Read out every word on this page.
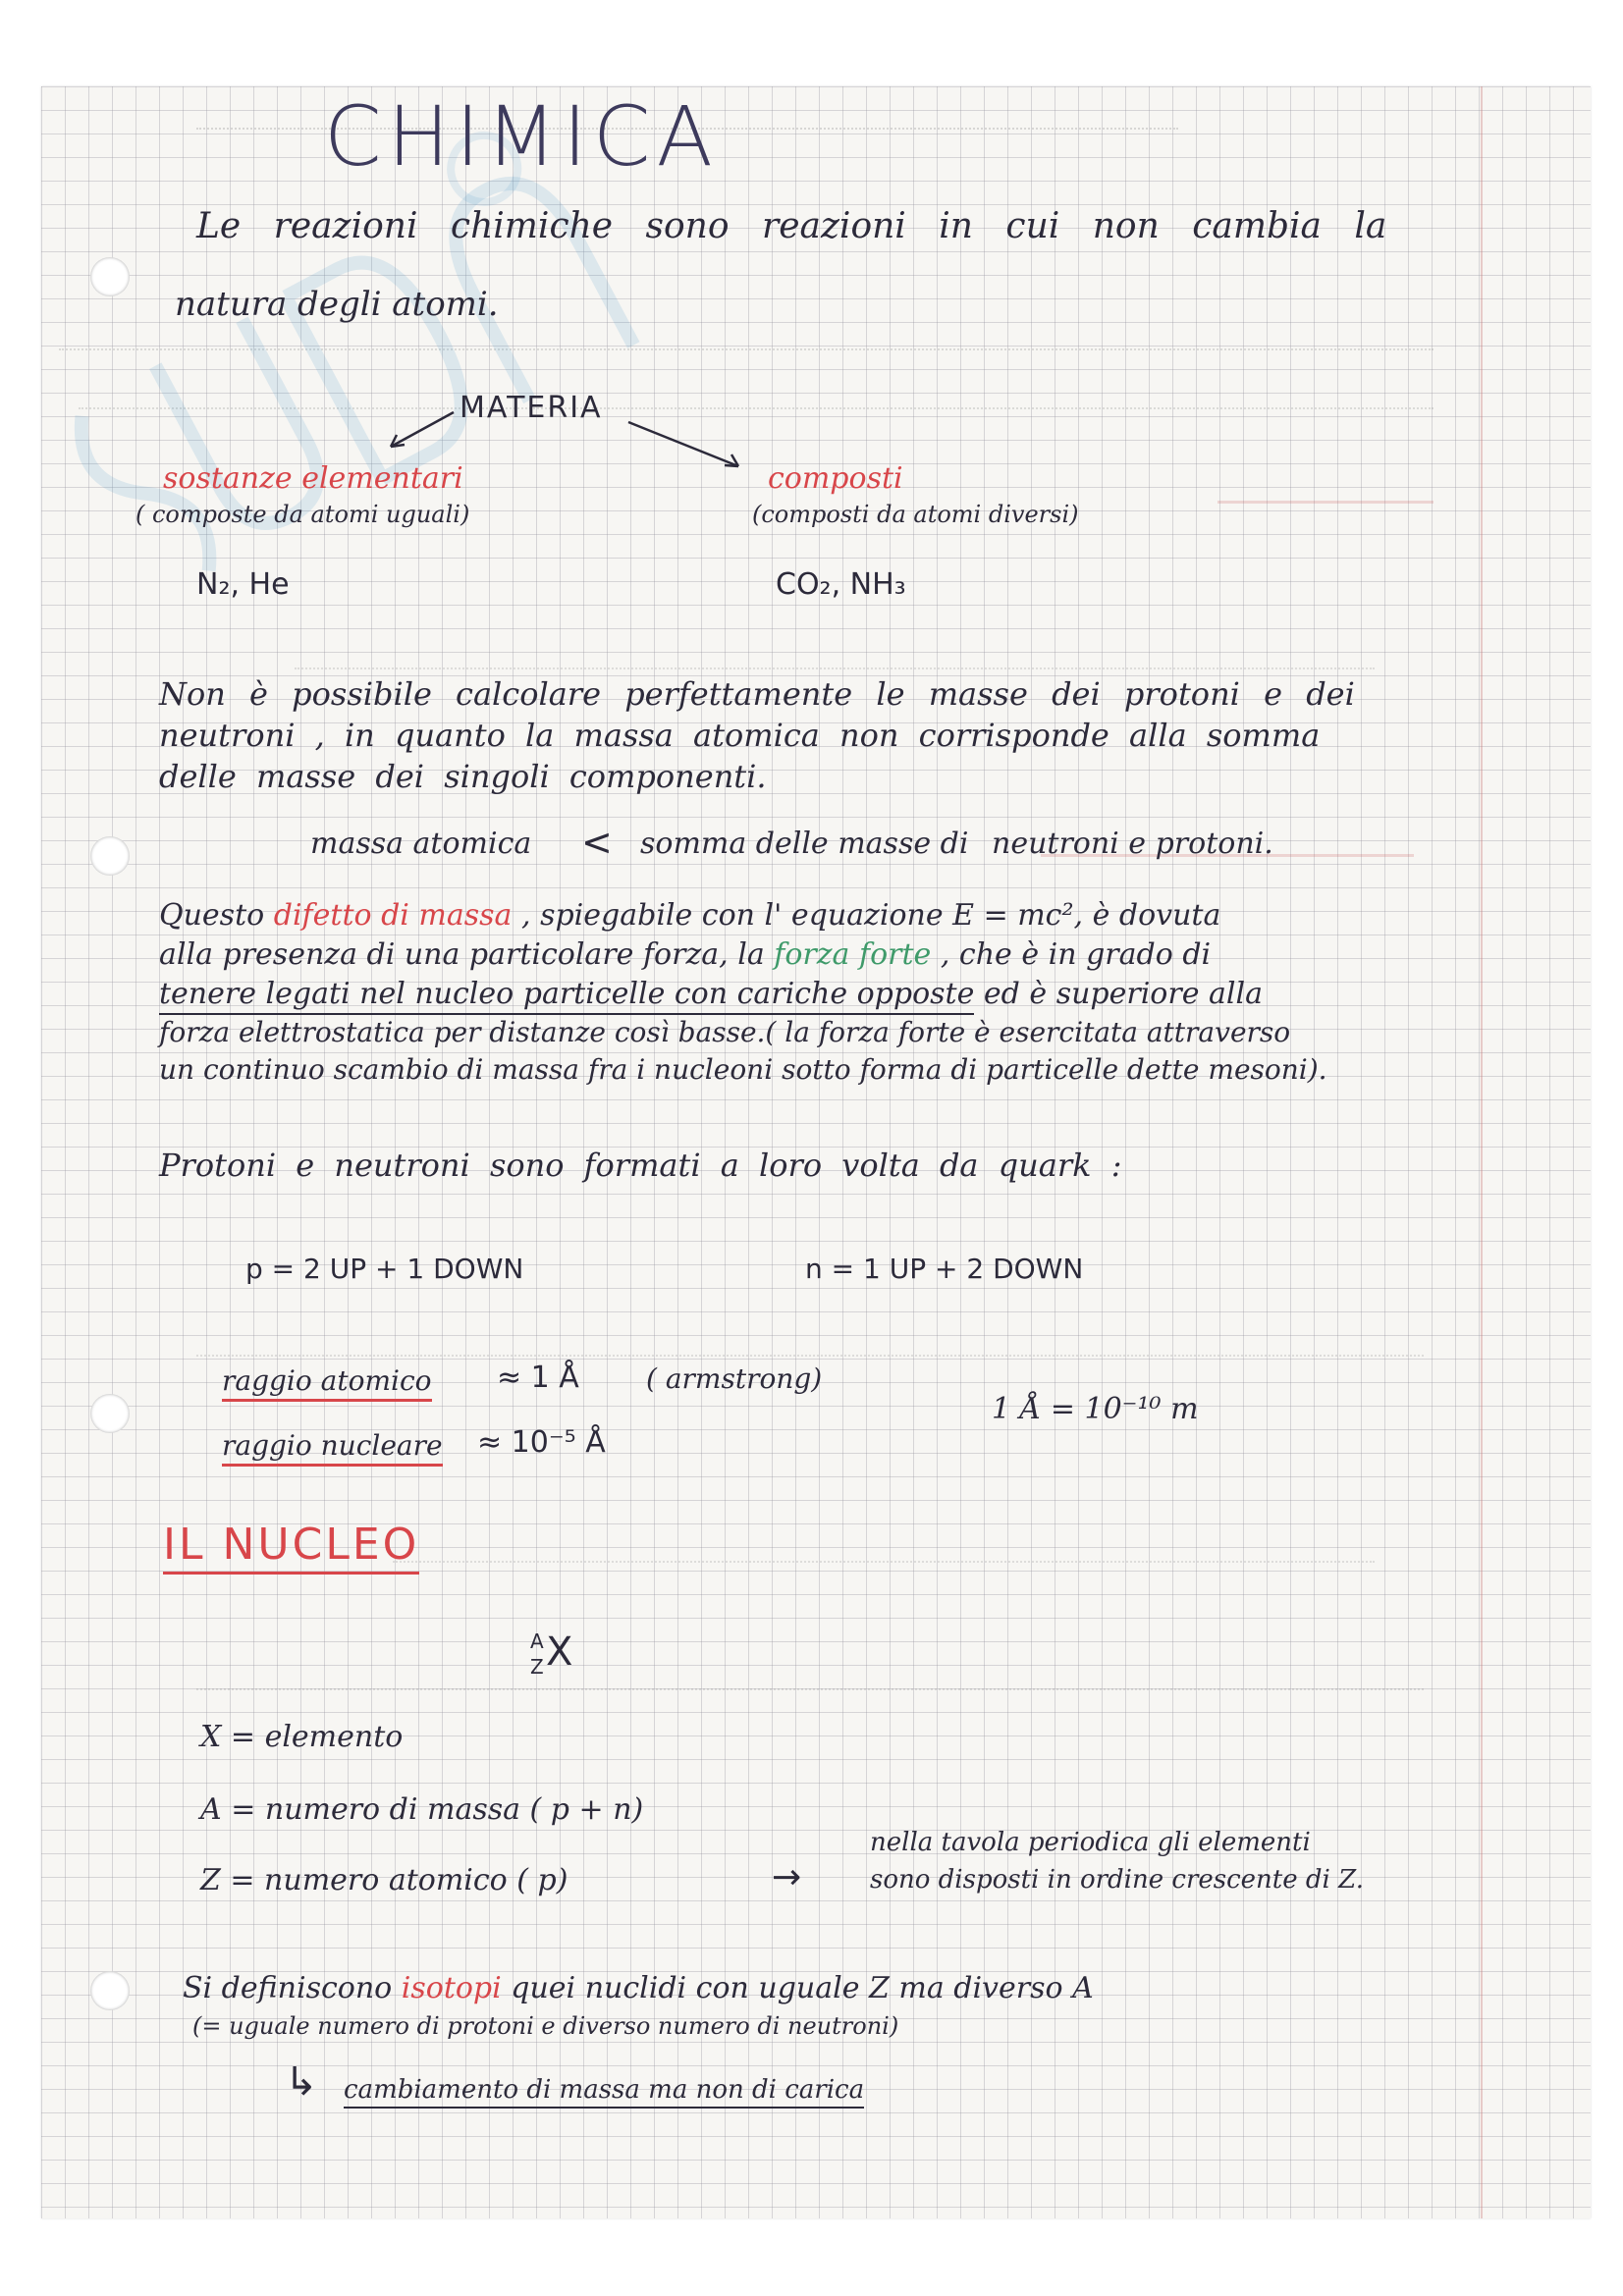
CHIMICA
Le reazioni chimiche sono reazioni in cui non cambia la
natura degli atomi.
MATERIA
sostanze elementari
( composte da atomi uguali)
N₂, He
composti
(composti da atomi diversi)
CO₂, NH₃
Non è possibile calcolare perfettamente le masse dei protoni e dei
neutroni , in quanto la massa atomica non corrisponde alla somma
delle masse dei singoli componenti.
massa atomica < somma delle masse di neutroni e protoni.
Questo difetto di massa , spiegabile con l' equazione E = mc², è dovuta
alla presenza di una particolare forza, la forza forte , che è in grado di
tenere legati nel nucleo particelle con cariche opposte ed è superiore alla
forza elettrostatica per distanze così basse.( la forza forte è esercitata attraverso
un continuo scambio di massa fra i nucleoni sotto forma di particelle dette mesoni).
Protoni e neutroni sono formati a loro volta da quark :
p = 2 UP + 1 DOWN	n = 1 UP + 2 DOWN
raggio atomico ≈ 1 Å ( armstrong)
1 Å = 10⁻¹⁰ m
raggio nucleare ≈ 10⁻⁵ Å
IL NUCLEO
A
Z X
X = elemento
A = numero di massa ( p + n)
Z = numero atomico ( p)	→
nella tavola periodica gli elementi
sono disposti in ordine crescente di Z.
Si definiscono isotopi quei nuclidi con uguale Z ma diverso A
(= uguale numero di protoni e diverso numero di neutroni)
↳ cambiamento di massa ma non di carica
